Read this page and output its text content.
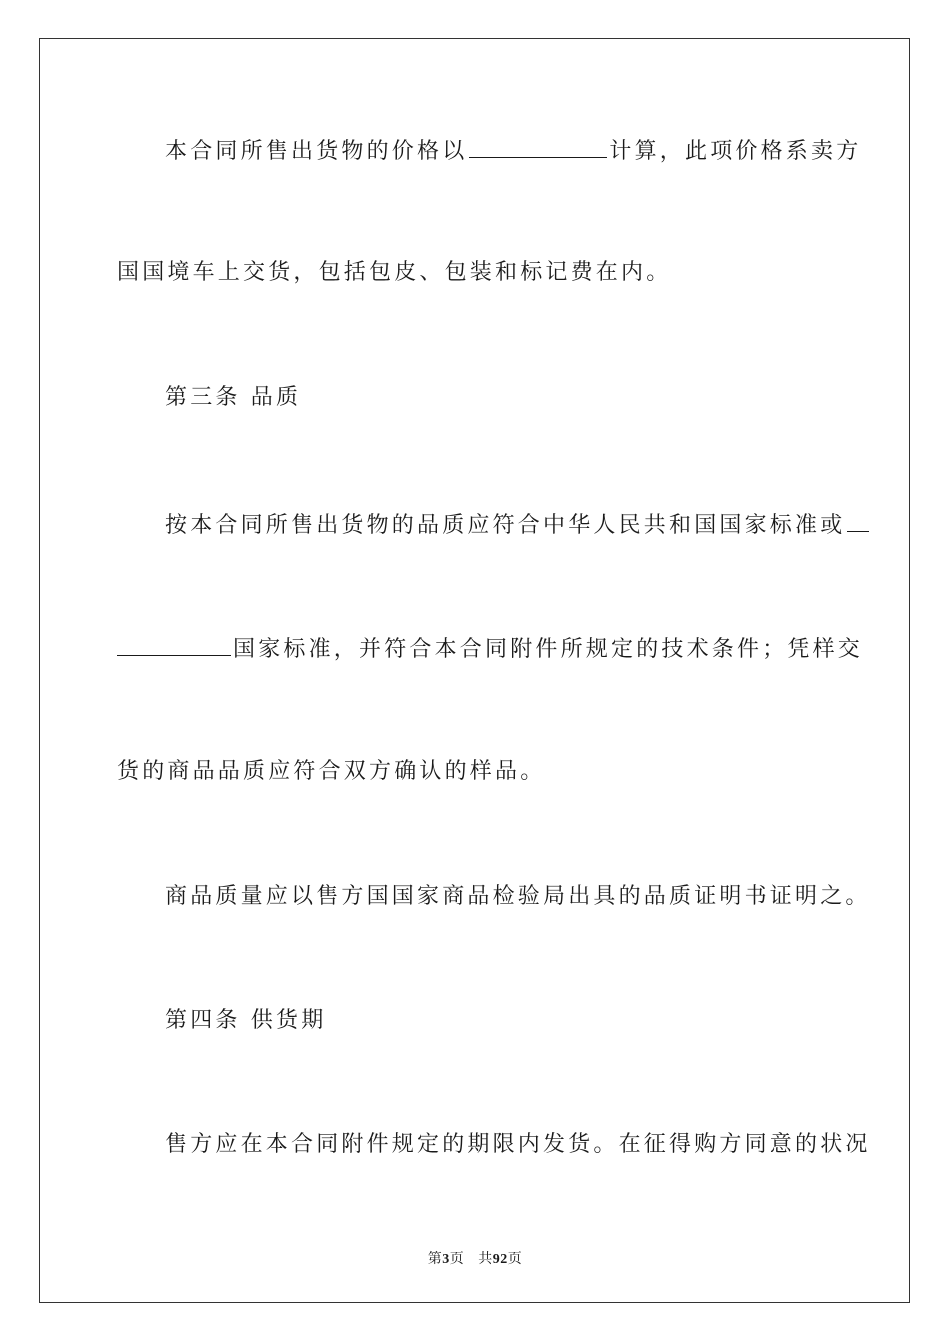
本合同所售出货物的价格以	计算，此项价格系卖方
国国境车上交货，包括包皮、包装和标记费在内。
第三条 品质
按本合同所售出货物的品质应符合中华人民共和国国家标准或
国家标准，并符合本合同附件所规定的技术条件；凭样交
货的商品品质应符合双方确认的样品。
商品质量应以售方国国家商品检验局出具的品质证明书证明之。
第四条 供货期
售方应在本合同附件规定的期限内发货。在征得购方同意的状况
第3页 共92页
